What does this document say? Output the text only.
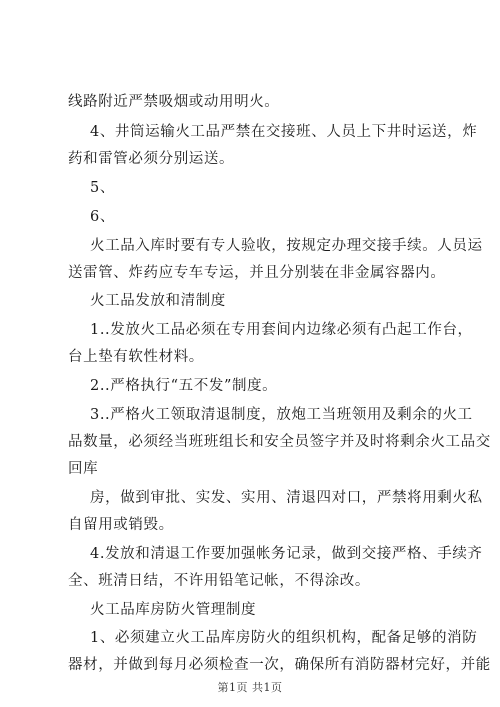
线路附近严禁吸烟或动用明火。
4、井筒运输火工品严禁在交接班、人员上下井时运送，炸
药和雷管必须分别运送。
5、
6、
火工品入库时要有专人验收，按规定办理交接手续。人员运
送雷管、炸药应专车专运，并且分别装在非金属容器内。
火工品发放和清制度
1..发放火工品必须在专用套间内边缘必须有凸起工作台，
台上垫有软性材料。
2..严格执行“五不发”制度。
3..严格火工领取清退制度，放炮工当班领用及剩余的火工
品数量，必须经当班班组长和安全员签字并及时将剩余火工品交
回库
房，做到审批、实发、实用、清退四对口，严禁将用剩火私
自留用或销毁。
4.发放和清退工作要加强帐务记录，做到交接严格、手续齐
全、班清日结，不许用铅笔记帐，不得涂改。
火工品库房防火管理制度
1、必须建立火工品库房防火的组织机构，配备足够的消防
器材，并做到每月必须检查一次，确保所有消防器材完好，并能
第1页 共1页
